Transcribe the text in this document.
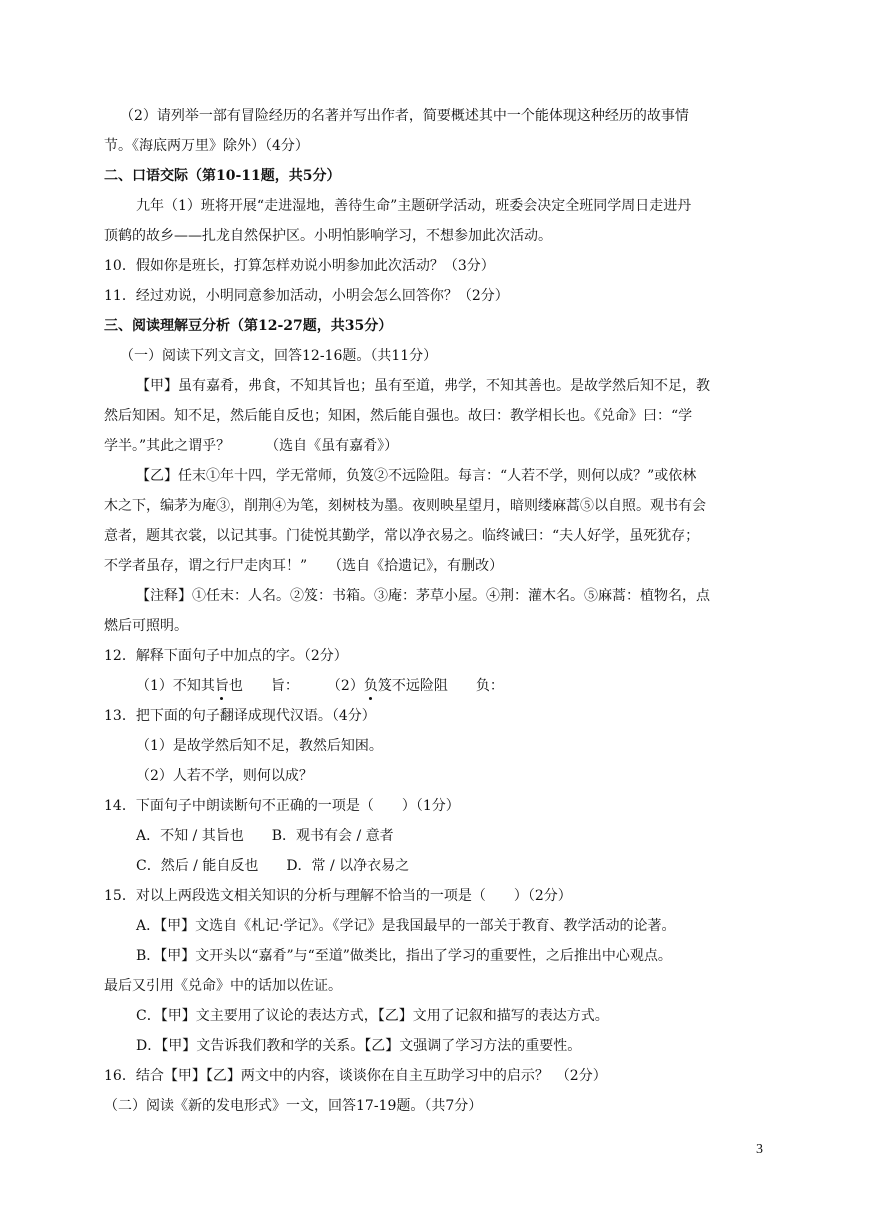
（2）请列举一部有冒险经历的名著并写出作者，简要概述其中一个能体现这种经历的故事情
节。《海底两万里》除外）（4分）
二、口语交际（第10-11题，共5分）
九年（1）班将开展“走进湿地，善待生命”主题研学活动，班委会决定全班同学周日走进丹
顶鹤的故乡——扎龙自然保护区。小明怕影响学习，不想参加此次活动。
10．假如你是班长，打算怎样劝说小明参加此次活动？（3分）
11．经过劝说，小明同意参加活动，小明会怎么回答你？（2分）
三、阅读理解豆分析（第12-27题，共35分）
（一）阅读下列文言文，回答12-16题。（共11分）
【甲】虽有嘉肴，弗食，不知其旨也；虽有至道，弗学，不知其善也。是故学然后知不足，教
然后知困。知不足，然后能自反也；知困，然后能自强也。故曰：教学相长也。《兑命》曰：“学
学半。”其此之谓乎？　　　（选自《虽有嘉肴》）
【乙】任末①年十四，学无常师，负笈②不远险阻。每言：“人若不学，则何以成？”或依林
木之下，编茅为庵③，削荆④为笔，刻树枝为墨。夜则映星望月，暗则缕麻蒿⑤以自照。观书有会
意者，题其衣裳，以记其事。门徒悦其勤学，常以净衣易之。临终诫曰：“夫人好学，虽死犹存；
不学者虽存，谓之行尸走肉耳！”　　（选自《拾遗记》，有删改）
【注释】①任末：人名。②笈：书箱。③庵：茅草小屋。④荆：灌木名。⑤麻蒿：植物名，点
燃后可照明。
12．解释下面句子中加点的字。（2分）
（1）不知其旨也　　旨：　　　（2）负笈不远险阻　　负：
13．把下面的句子翻译成现代汉语。（4分）
（1）是故学然后知不足，教然后知困。
（2）人若不学，则何以成？
14．下面句子中朗读断句不正确的一项是（　　）（1分）
A．不知 / 其旨也　　B．观书有会 / 意者
C．然后 / 能自反也　　D．常 / 以净衣易之
15．对以上两段选文相关知识的分析与理解不恰当的一项是（　　）（2分）
A．【甲】文选自《札记·学记》。《学记》是我国最早的一部关于教育、教学活动的论著。
B．【甲】文开头以“嘉肴”与“至道”做类比，指出了学习的重要性，之后推出中心观点。
最后又引用《兑命》中的话加以佐证。
C．【甲】文主要用了议论的表达方式，【乙】文用了记叙和描写的表达方式。
D．【甲】文告诉我们教和学的关系。【乙】文强调了学习方法的重要性。
16．结合【甲】【乙】两文中的内容，谈谈你在自主互助学习中的启示？　（2分）
（二）阅读《新的发电形式》一文，回答17-19题。（共7分）
3
